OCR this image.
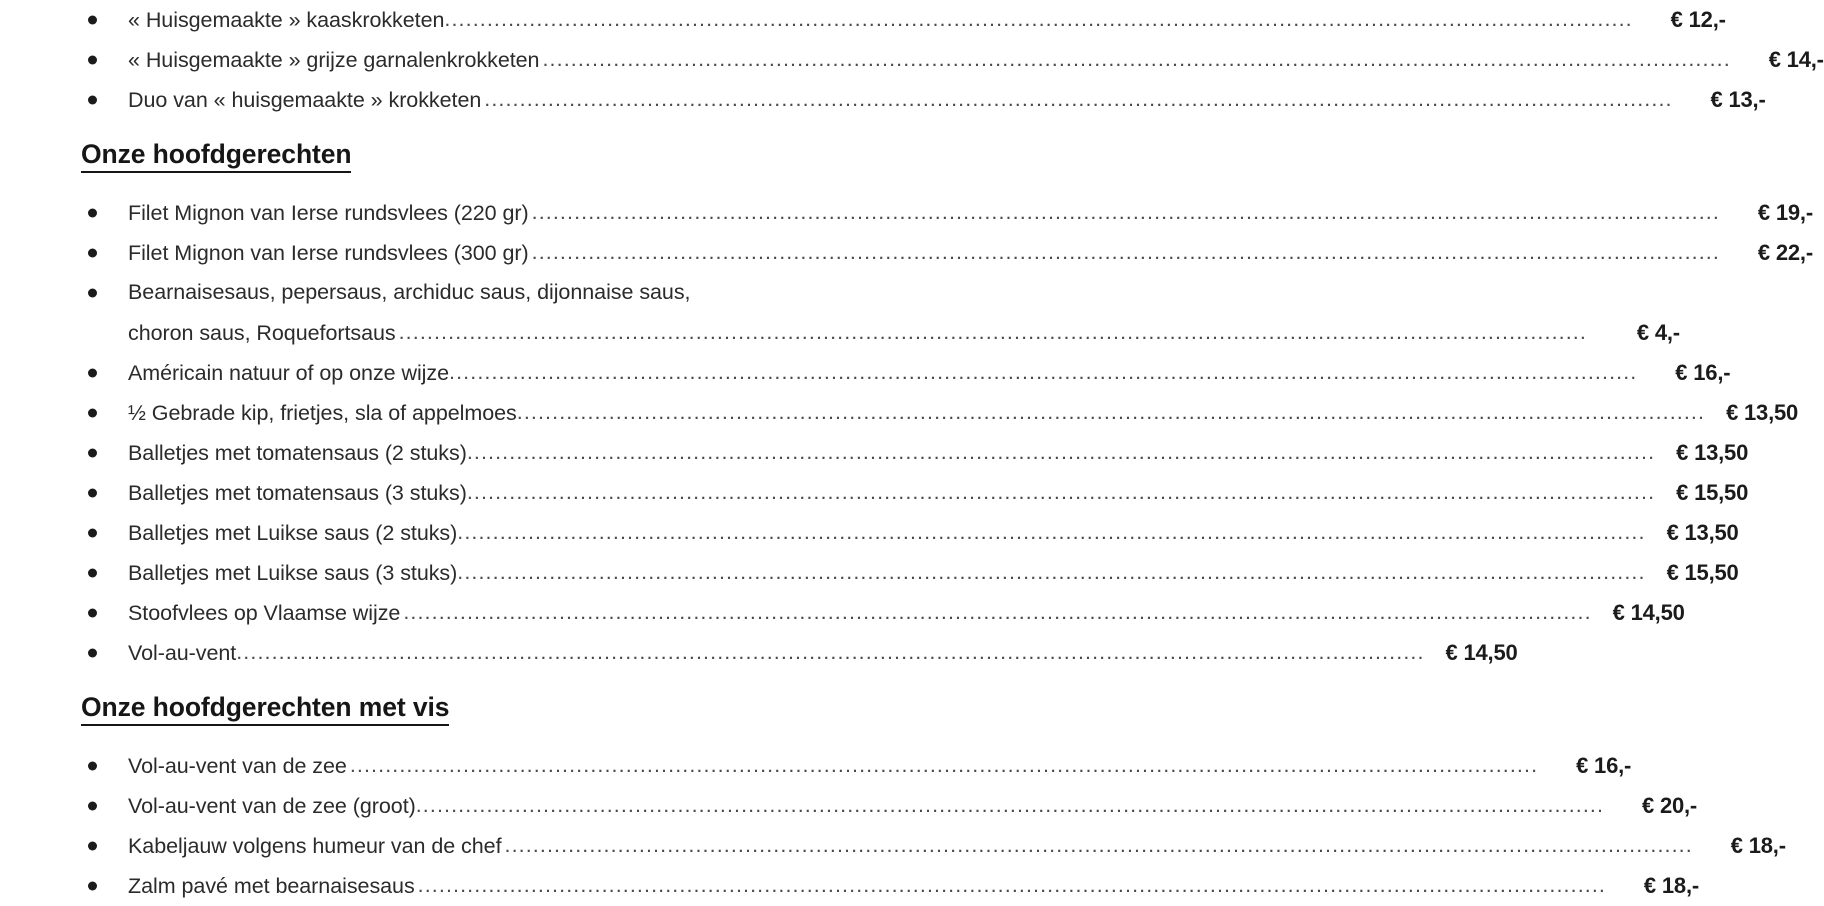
« Huisgemaakte » kaaskrokketen .....	€ 12,-
« Huisgemaakte » grijze garnalenkrokketen .....	€ 14,-
Duo van « huisgemaakte » krokketen .....	€ 13,-
Onze hoofdgerechten
Filet Mignon van Ierse rundsvlees (220 gr) .....	€ 19,-
Filet Mignon van Ierse rundsvlees (300 gr) .....	€ 22,-
Bearnaisesaus, pepersaus, archiduc saus, dijonnaise saus,
choron saus, Roquefortsaus .....	€ 4,-
Américain natuur of op onze wijze .....	€ 16,-
½ Gebrade kip, frietjes, sla of appelmoes .....	€ 13,50
Balletjes met tomatensaus (2 stuks) .....	€ 13,50
Balletjes met tomatensaus (3 stuks) .....	€ 15,50
Balletjes met Luikse saus (2 stuks) .....	€ 13,50
Balletjes met Luikse saus (3 stuks) .....	€ 15,50
Stoofvlees op Vlaamse wijze .....	€ 14,50
Vol-au-vent .....	€ 14,50
Onze hoofdgerechten met vis
Vol-au-vent van de zee .....	€ 16,-
Vol-au-vent van de zee (groot) .....	€ 20,-
Kabeljauw volgens humeur van de chef .....	€ 18,-
Zalm pavé met bearnaisesaus .....	€ 18,-
